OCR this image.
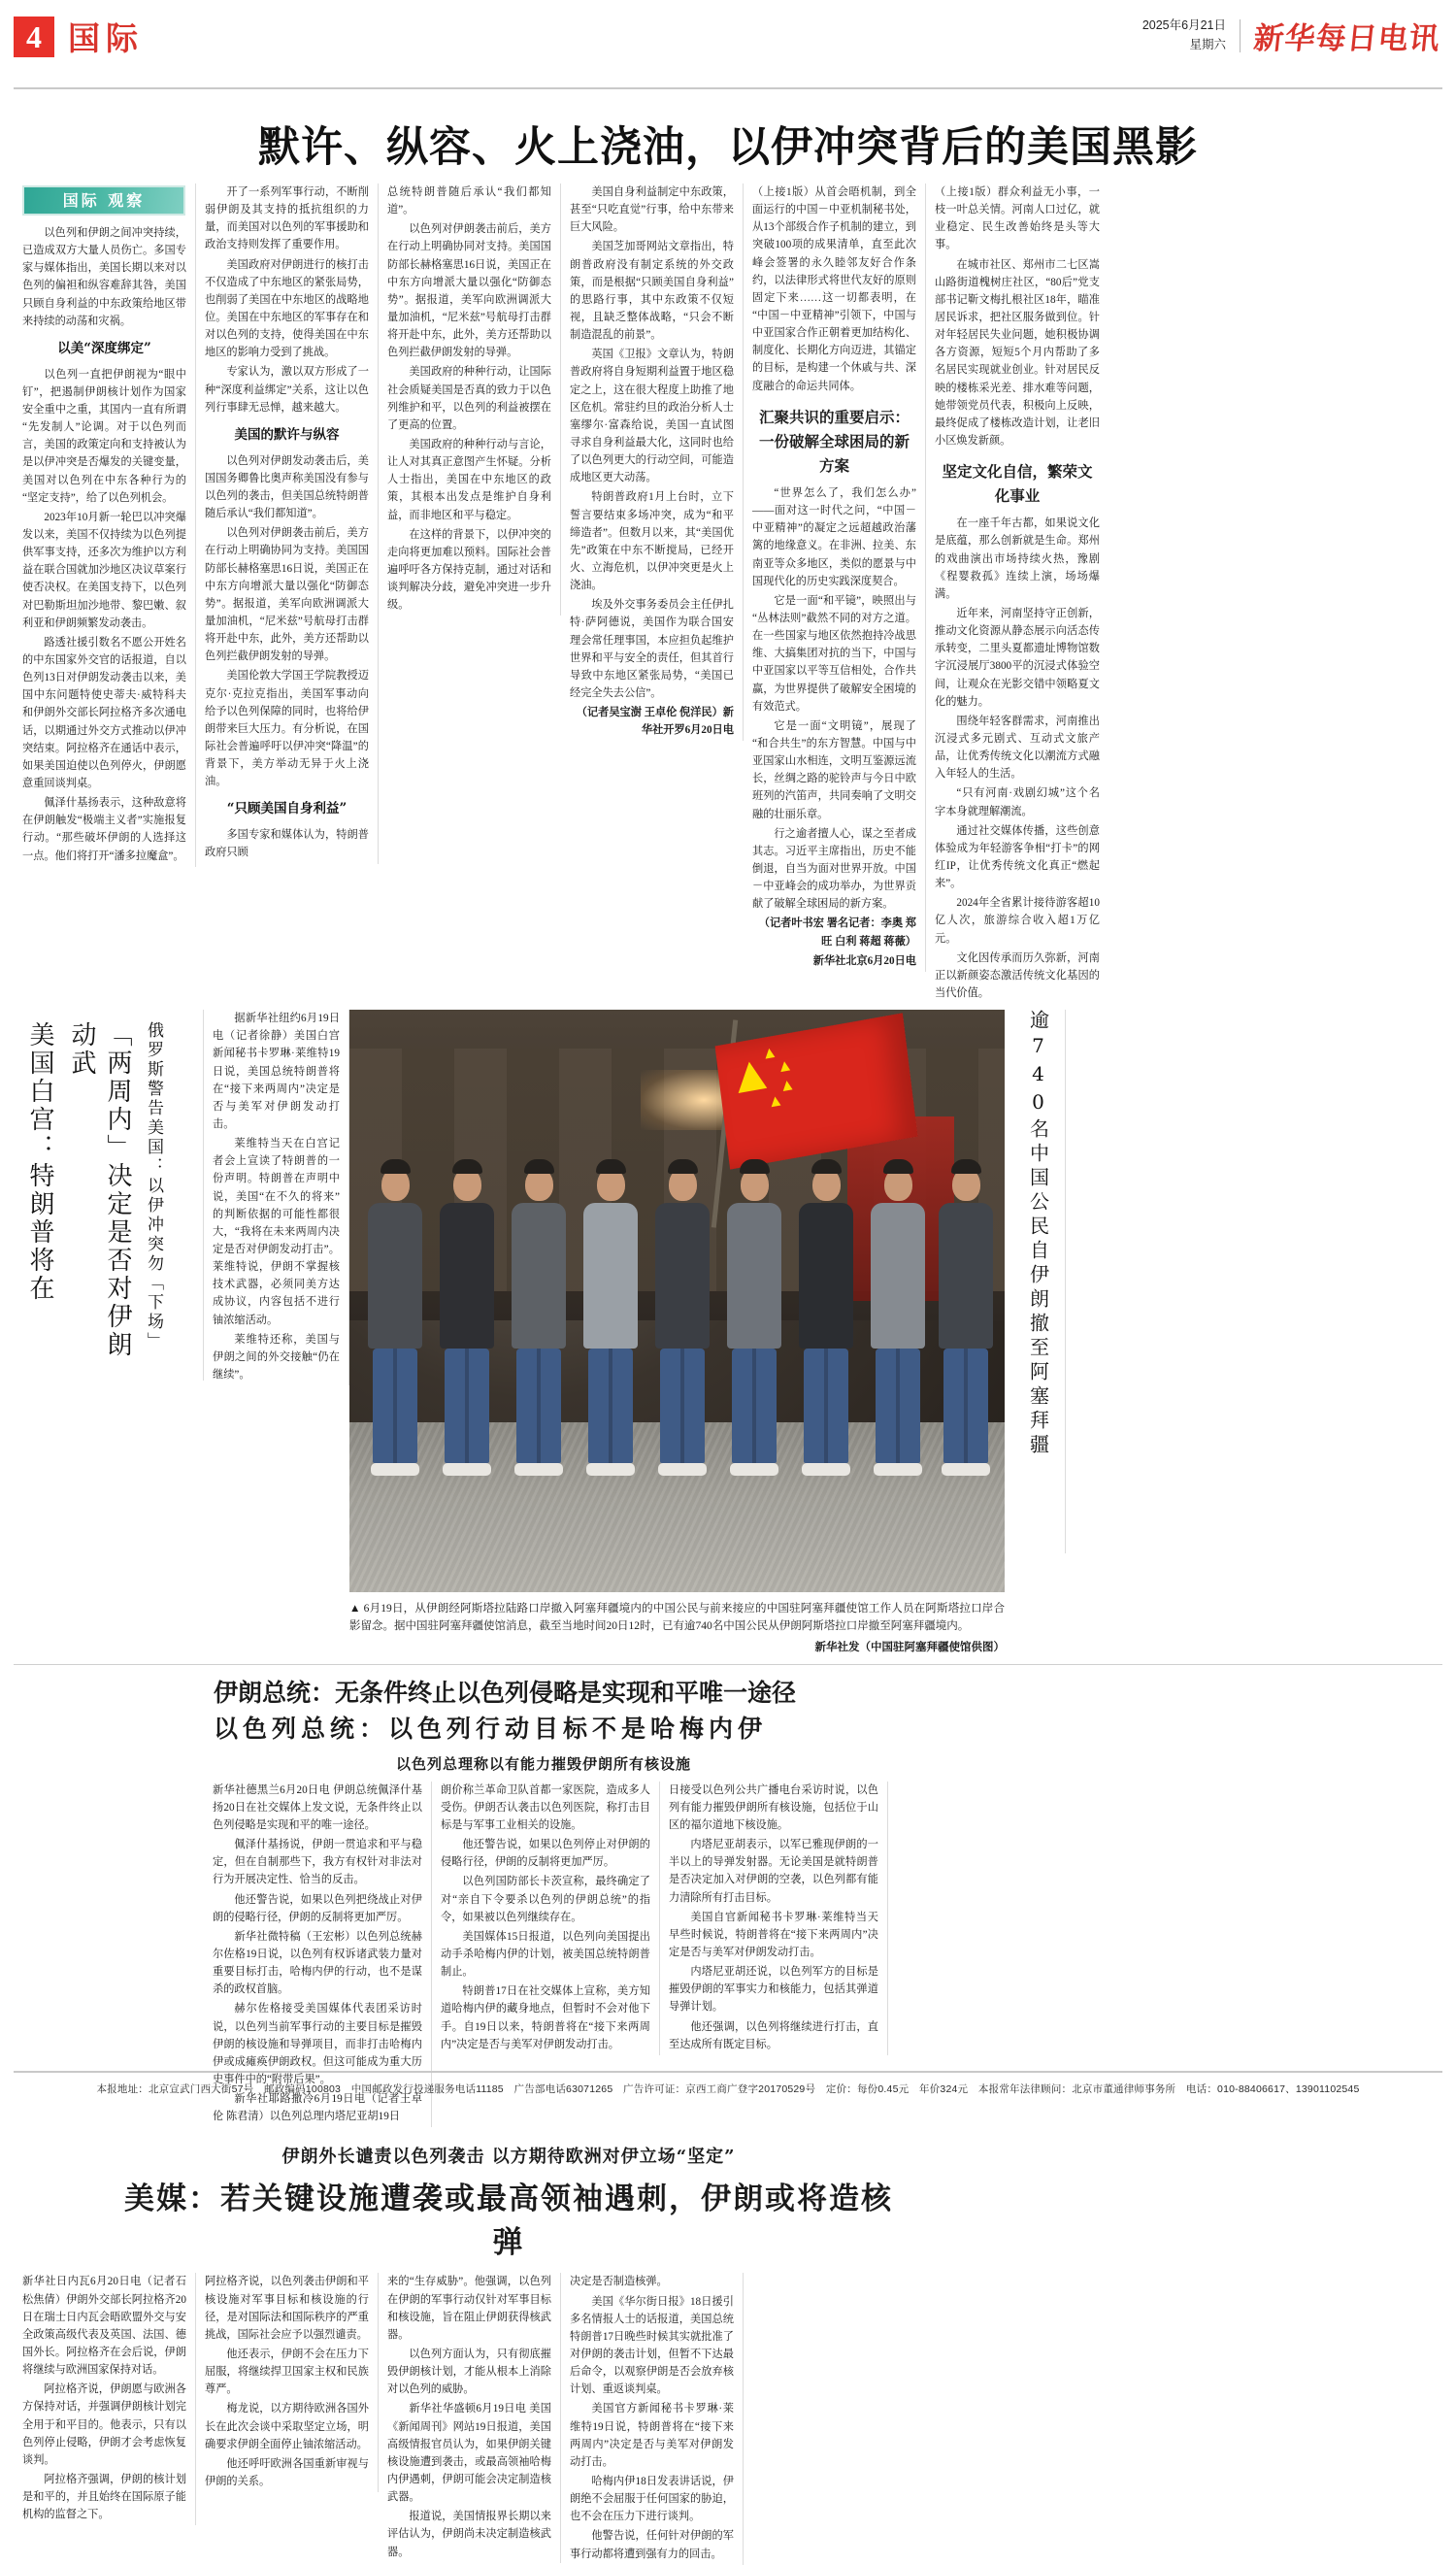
4 国际	2025年6月21日
星期六 新华每日电讯
默许、纵容、火上浇油，以伊冲突背后的美国黑影
国际 观察

以色列和伊朗之间冲突持续，已造成双方大量人员伤亡。多国专家与媒体指出，美国长期以来对以色列的偏袒和纵容难辞其咎，美国只顾自身利益的中东政策给地区带来持续的动荡和灾祸。

以美“深度绑定”

以色列一直把伊朗视为“眼中钉”，把遏制伊朗核计划作为国家安全重中之重，其国内一直有所谓“先发制人”论调。对于以色列而言，美国的政策定向和支持被认为是以伊冲突是否爆发的关键变量，美国对以色列在中东各种行为的“坚定支持”，给了以色列机会。

2023年10月新一轮巴以冲突爆发以来，美国不仅持续为以色列提供军事支持，还多次为维护以方利益在联合国就加沙地区决议草案行使否决权。在美国支持下，以色列对巴勒斯坦加沙地带、黎巴嫩、叙利亚和伊朗频繁发动袭击。

路透社援引数名不愿公开姓名的中东国家外交官的话报道，自以色列13日对伊朗发动袭击以来，美国中东问题特使史蒂夫·威特科夫和伊朗外交部长阿拉格齐多次通电话，以期通过外交方式推动以伊冲突结束。阿拉格齐在通话中表示，如果美国迫使以色列停火，伊朗愿意重回谈判桌。

佩泽什基扬表示，这种敌意将在伊朗触发“极端主义者”实施报复行动。“那些破坏伊朗的人选择这一点。他们将打开“潘多拉魔盒”。

开了一系列军事行动，不断削弱伊朗及其支持的抵抗组织的力量，而美国对以色列的军事援助和政治支持则发挥了重要作用。

美国政府对伊朗进行的核打击不仅造成了中东地区的紧张局势，也削弱了美国在中东地区的战略地位。美国在中东地区的军事存在和对以色列的支持，使得美国在中东地区的影响力受到了挑战。

专家认为，激以双方形成了一种“深度利益绑定”关系，这让以色列行事肆无忌惮，越来越大。

美国的默许与纵容

以色列对伊朗发动袭击后，美国国务卿鲁比奥声称美国没有参与以色列的袭击，但美国总统特朗普随后承认“我们都知道”。

以色列对伊朗袭击前后，美方在行动上明确协同为支持。美国国防部长赫格塞思16日说，美国正在中东方向增派大量以强化“防御态势”。据报道，美军向欧洲调派大量加油机，“尼米兹”号航母打击群将开赴中东，此外，美方还帮助以色列拦截伊朗发射的导弹。

美国伦敦大学国王学院教授迈克尔·克拉克指出，美国军事动向给予以色列保障的同时，也将给伊朗带来巨大压力。有分析说，在国际社会普遍呼吁以伊冲突“降温”的背景下，美方举动无异于火上浇油。

“只顾美国自身利益”

多国专家和媒体认为，特朗普政府只顾

总统特朗普随后承认“我们都知道”。

以色列对伊朗袭击前后，美方在行动上明确协同对支持。美国国防部长赫格塞思16日说，美国正在中东方向增派大量以强化“防御态势”。据报道，美军向欧洲调派大量加油机，“尼米兹”号航母打击群将开赴中东，此外，美方还帮助以色列拦截伊朗发射的导弹。

美国政府的种种行动，让国际社会质疑美国是否真的致力于以色列维护和平，以色列的利益被摆在了更高的位置。

美国政府的种种行动与言论，让人对其真正意图产生怀疑。分析人士指出，美国在中东地区的政策，其根本出发点是维护自身利益，而非地区和平与稳定。

在这样的背景下，以伊冲突的走向将更加难以预料。国际社会普遍呼吁各方保持克制，通过对话和谈判解决分歧，避免冲突进一步升级。

美国自身利益制定中东政策，甚至“只吃直觉”行事，给中东带来巨大风险。

美国芝加哥网站文章指出，特朗普政府没有制定系统的外交政策，而是根据“只顾美国自身利益”的思路行事，其中东政策不仅短视，且缺乏整体战略，“只会不断制造混乱的前景”。

英国《卫报》文章认为，特朗普政府将自身短期利益置于地区稳定之上，这在很大程度上助推了地区危机。常驻约旦的政治分析人士塞缪尔·富森给说，美国一直试图寻求自身利益最大化，这同时也给了以色列更大的行动空间，可能造成地区更大动荡。

特朗普政府1月上台时，立下誓言要结束多场冲突，成为“和平缔造者”。但数月以来，其“美国优先”政策在中东不断搅局，已经开火、立海危机，以伊冲突更是火上浇油。

埃及外交事务委员会主任伊扎特·萨阿德说，美国作为联合国安理会常任理事国，本应担负起维护世界和平与安全的责任，但其首行导致中东地区紧张局势，“美国已经完全失去公信”。

（记者吴宝澍 王卓伦 倪洋民）新华社开罗6月20日电

（上接1版）从首会晤机制，到全面运行的中国－中亚机制秘书处，从13个部级合作子机制的建立，到突破100项的成果清单，直至此次峰会签署的永久睦邻友好合作条约，以法律形式将世代友好的原则固定下来……这一切都表明，在“中国－中亚精神”引领下，中国与中亚国家合作正朝着更加结构化、制度化、长期化方向迈进，其锚定的目标，是构建一个休戚与共、深度融合的命运共同体。

汇聚共识的重要启示：一份破解全球困局的新方案

“世界怎么了，我们怎么办”——面对这一时代之问，“中国－中亚精神”的凝定之远超越政治藩篱的地缘意义。在非洲、拉美、东南亚等众多地区，类似的愿景与中国现代化的历史实践深度契合。

它是一面“和平镜”，映照出与“丛林法则”截然不同的对方之道。在一些国家与地区依然抱持冷战思维、大搞集团对抗的当下，中国与中亚国家以平等互信相处，合作共赢，为世界提供了破解安全困境的有效范式。

它是一面“文明镜”，展现了“和合共生”的东方智慧。中国与中亚国家山水相连，文明互鉴源远流长，丝绸之路的驼铃声与今日中欧班列的汽笛声，共同奏响了文明交融的壮丽乐章。

行之逾者擅人心，谋之至者成其志。习近平主席指出，历史不能倒退，自当为面对世界开放。中国－中亚峰会的成功举办，为世界贡献了破解全球困局的新方案。

（记者叶书宏 署名记者：李奥 郑旺 白利 蒋超 蒋薇）

新华社北京6月20日电

（上接1版）群众利益无小事，一枝一叶总关情。河南人口过亿，就业稳定、民生改善始终是头等大事。

在城市社区、郑州市二七区嵩山路街道槐树庄社区，“80后”党支部书记靳文梅扎根社区18年，瞄准居民诉求，把社区服务做到位。针对年轻居民失业问题，她积极协调各方资源，短短5个月内帮助了多名居民实现就业创业。针对居民反映的楼栋采光差、排水难等问题，她带领党员代表，积极向上反映，最终促成了楼栋改造计划，让老旧小区焕发新颜。

坚定文化自信，繁荣文化事业

在一座千年古都，如果说文化是底蕴，那么创新就是生命。郑州的戏曲演出市场持续火热，豫剧《程婴救孤》连续上演，场场爆满。

近年来，河南坚持守正创新，推动文化资源从静态展示向活态传承转变，二里头夏都遗址博物馆数字沉浸展厅3800平的沉浸式体验空间，让观众在光影交错中领略夏文化的魅力。

围绕年轻客群需求，河南推出沉浸式多元剧式、互动式文旅产品，让优秀传统文化以潮流方式融入年轻人的生活。

“只有河南·戏剧幻城”这个名字本身就理解潮流。

通过社交媒体传播，这些创意体验成为年轻游客争相“打卡”的网红IP，让优秀传统文化真正“燃起来”。

2024年全省累计接待游客超10亿人次，旅游综合收入超1万亿元。

文化因传承而历久弥新，河南正以新颜姿态激活传统文化基因的当代价值。

俄罗斯警告美国：以伊冲突勿「下场」
「两周内」决定是否对伊朗动武
美国白宫：特朗普将在

据新华社纽约6月19日电（记者徐静）美国白宫新闻秘书卡罗琳·莱维特19日说，美国总统特朗普将在“接下来两周内”决定是否与美军对伊朗发动打击。

莱维特当天在白宫记者会上宣读了特朗普的一份声明。特朗普在声明中说，美国“在不久的将来”的判断依据的可能性都很大，“我将在未来两周内决定是否对伊朗发动打击”。莱维特说，伊朗不掌握核技术武器，必须同美方达成协议，内容包括不进行铀浓缩活动。

莱维特还称，美国与伊朗之间的外交接触“仍在继续”。

▲ 6月19日，从伊朗经阿斯塔拉陆路口岸撤入阿塞拜疆境内的中国公民与前来接应的中国驻阿塞拜疆使馆工作人员在阿斯塔拉口岸合影留念。据中国驻阿塞拜疆使馆消息，截至当地时间20日12时，已有逾740名中国公民从伊朗阿斯塔拉口岸撤至阿塞拜疆境内。
新华社发（中国驻阿塞拜疆使馆供图）
逾740名中国公民自伊朗撤至阿塞拜疆
伊朗总统：无条件终止以色列侵略是实现和平唯一途径
以色列总统：以色列行动目标不是哈梅内伊
以色列总理称以有能力摧毁伊朗所有核设施

新华社德黑兰6月20日电 伊朗总统佩泽什基扬20日在社交媒体上发文说，无条件终止以色列侵略是实现和平的唯一途径。

佩泽什基扬说，伊朗一贯追求和平与稳定，但在自制那些下，我方有权针对非法对行为开展决定性、恰当的反击。

他还警告说，如果以色列把绕战止对伊朗的侵略行径，伊朗的反制将更加严厉。

新华社微特稿（王宏彬）以色列总统赫尔佐格19日说，以色列有权诉诸武装力量对重要目标打击，哈梅内伊的行动，也不是谋杀的政权首脑。

赫尔佐格接受美国媒体代表团采访时说，以色列当前军事行动的主要目标是摧毁伊朗的核设施和导弹项目，而非打击哈梅内伊或成瘫痪伊朗政权。但这可能成为重大历史事件中的“附带后果”。

新华社耶路撒冷6月19日电（记者王卓伦 陈君清）以色列总理内塔尼亚胡19日

朗价称兰革命卫队首都一家医院，造成多人受伤。伊朗否认袭击以色列医院，称打击目标是与军事工业相关的设施。

他还警告说，如果以色列停止对伊朗的侵略行径，伊朗的反制将更加严厉。

以色列国防部长卡茨宣称，最终确定了对“亲自下令要杀以色列的伊朗总统”的指令，如果被以色列继续存在。

美国媒体15日报道，以色列向美国提出动手杀哈梅内伊的计划，被美国总统特朗普制止。

特朗普17日在社交媒体上宣称，美方知道哈梅内伊的藏身地点，但暂时不会对他下手。自19日以来，特朗普将在“接下来两周内”决定是否与美军对伊朗发动打击。

日接受以色列公共广播电台采访时说，以色列有能力摧毁伊朗所有核设施，包括位于山区的福尔道地下核设施。

内塔尼亚胡表示，以军已雅现伊朗的一半以上的导弹发射器。无论美国是就特朗普是否决定加入对伊朗的空袭，以色列都有能力清除所有打击目标。

美国自官新闻秘书卡罗琳·莱维特当天早些时候说，特朗普将在“接下来两周内”决定是否与美军对伊朗发动打击。

内塔尼亚胡还说，以色列军方的目标是摧毁伊朗的军事实力和核能力，包括其弹道导弹计划。

他还强调，以色列将继续进行打击，直至达成所有既定目标。

伊朗外长谴责以色列袭击 以方期待欧洲对伊立场“坚定”
美媒：若关键设施遭袭或最高领袖遇刺，伊朗或将造核弹

新华社日内瓦6月20日电（记者石松焦倩）伊朗外交部长阿拉格齐20日在瑞士日内瓦会晤欧盟外交与安全政策高级代表及英国、法国、德国外长。阿拉格齐在会后说，伊朗将继续与欧洲国家保持对话。

阿拉格齐说，伊朗愿与欧洲各方保持对话，并强调伊朗核计划完全用于和平目的。他表示，只有以色列停止侵略，伊朗才会考虑恢复谈判。

阿拉格齐强调，伊朗的核计划是和平的，并且始终在国际原子能机构的监督之下。

阿拉格齐说，以色列袭击伊朗和平核设施对军事目标和核设施的行径，是对国际法和国际秩序的严重挑战，国际社会应予以强烈谴责。

他还表示，伊朗不会在压力下屈服，将继续捍卫国家主权和民族尊严。

梅龙说，以方期待欧洲各国外长在此次会谈中采取坚定立场，明确要求伊朗全面停止铀浓缩活动。

他还呼吁欧洲各国重新审视与伊朗的关系。

来的“生存威胁”。他强调，以色列在伊朗的军事行动仅针对军事目标和核设施，旨在阻止伊朗获得核武器。

以色列方面认为，只有彻底摧毁伊朗核计划，才能从根本上消除对以色列的威胁。

新华社华盛顿6月19日电 美国《新闻周刊》网站19日报道，美国高级情报官员认为，如果伊朗关键核设施遭到袭击，或最高领袖哈梅内伊遇刺，伊朗可能会决定制造核武器。

报道说，美国情报界长期以来评估认为，伊朗尚未决定制造核武器。

决定是否制造核弹。

美国《华尔街日报》18日援引多名情报人士的话报道，美国总统特朗普17日晚些时候其实就批准了对伊朗的袭击计划，但暂不下达最后命令，以观察伊朗是否会放弃核计划、重返谈判桌。

美国官方新闻秘书卡罗琳·莱维特19日说，特朗普将在“接下来两周内”决定是否与美军对伊朗发动打击。

哈梅内伊18日发表讲话说，伊朗绝不会屈服于任何国家的胁迫，也不会在压力下进行谈判。

他警告说，任何针对伊朗的军事行动都将遭到强有力的回击。

本报地址：北京宣武门西大街57号　邮政编码100803　中国邮政发行投递服务电话11185　广告部电话63071265　广告许可证：京西工商广登字20170529号　定价：每份0.45元　年价324元　本报常年法律顾问：北京市董通律师事务所　电话：010-88406617、13901102545
